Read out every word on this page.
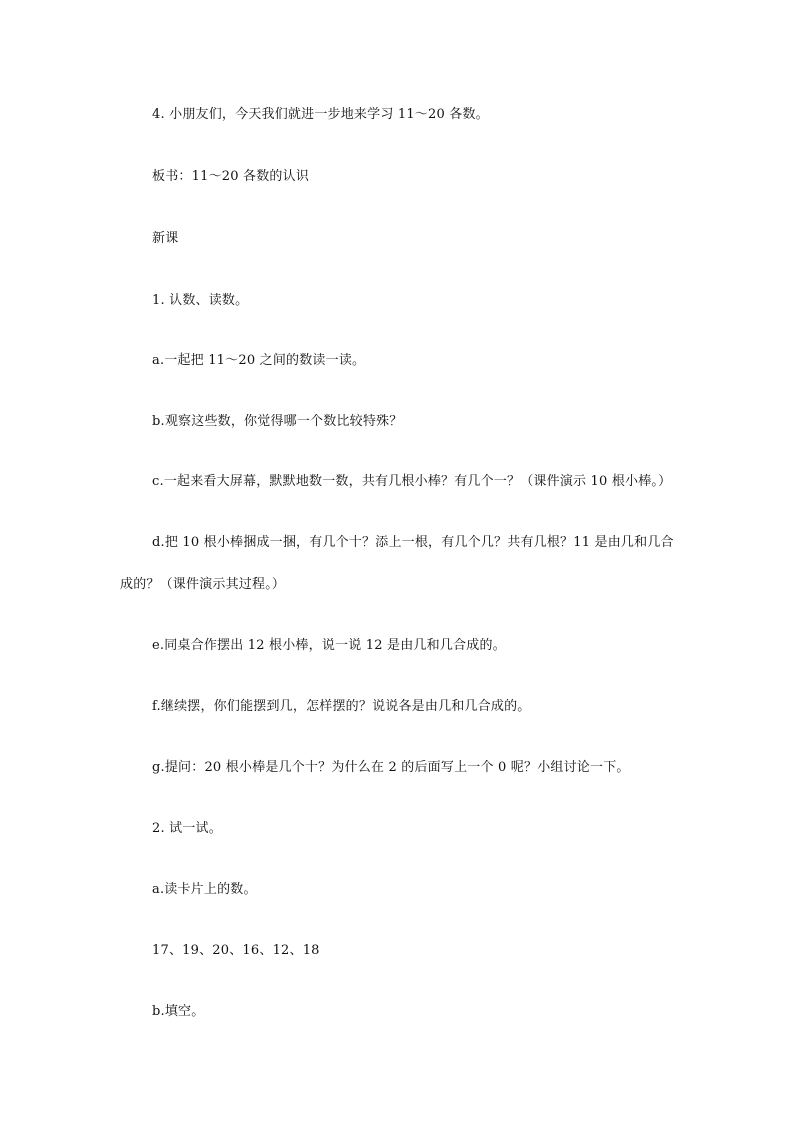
4. 小朋友们，今天我们就进一步地来学习 11～20 各数。
板书：11～20 各数的认识
新课
1. 认数、读数。
a.一起把 11～20 之间的数读一读。
b.观察这些数，你觉得哪一个数比较特殊？
c.一起来看大屏幕，默默地数一数，共有几根小棒？有几个一？（课件演示 10 根小棒。）
d.把 10 根小棒捆成一捆，有几个十？添上一根，有几个几？共有几根？11 是由几和几合
成的？（课件演示其过程。）
e.同桌合作摆出 12 根小棒，说一说 12 是由几和几合成的。
f.继续摆，你们能摆到几，怎样摆的？说说各是由几和几合成的。
g.提问：20 根小棒是几个十？为什么在 2 的后面写上一个 0 呢？小组讨论一下。
2. 试一试。
a.读卡片上的数。
17、19、20、16、12、18
b.填空。
